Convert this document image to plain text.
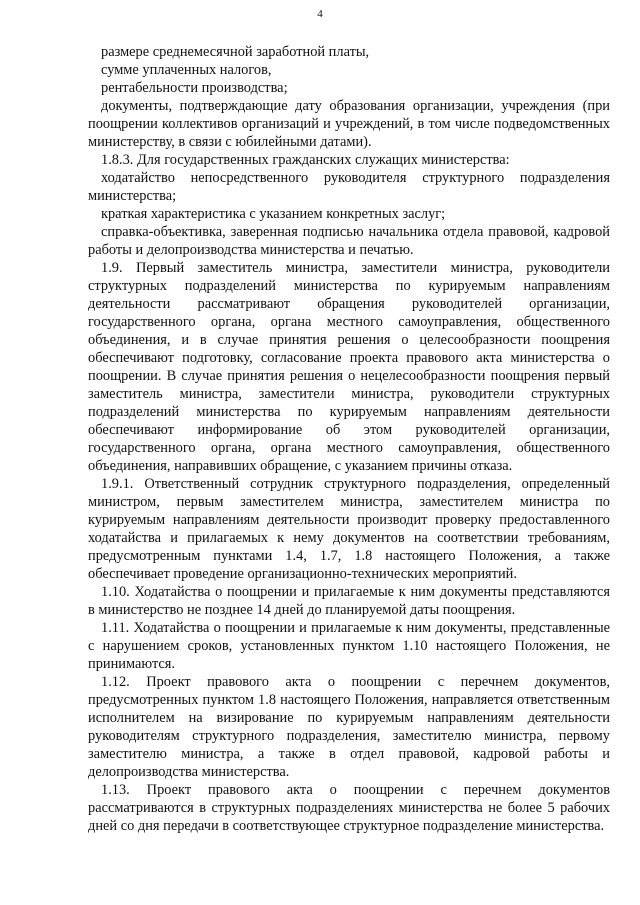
4

размере среднемесячной заработной платы,

сумме уплаченных налогов,

рентабельности производства;

документы, подтверждающие дату образования организации, учреждения (при поощрении коллективов организаций и учреждений, в том числе подведомственных министерству, в связи с юбилейными датами).

1.8.3. Для государственных гражданских служащих министерства:

ходатайство непосредственного руководителя структурного подразделения министерства;

краткая характеристика с указанием конкретных заслуг;

справка-объективка, заверенная подписью начальника отдела правовой, кадровой работы и делопроизводства министерства и печатью.

1.9. Первый заместитель министра, заместители министра, руководители структурных подразделений министерства по курируемым направлениям деятельности рассматривают обращения руководителей организации, государственного органа, органа местного самоуправления, общественного объединения, и в случае принятия решения о целесообразности поощрения обеспечивают подготовку, согласование проекта правового акта министерства о поощрении. В случае принятия решения о нецелесообразности поощрения первый заместитель министра, заместители министра, руководители структурных подразделений министерства по курируемым направлениям деятельности обеспечивают информирование об этом руководителей организации, государственного органа, органа местного самоуправления, общественного объединения, направивших обращение, с указанием причины отказа.

1.9.1. Ответственный сотрудник структурного подразделения, определенный министром, первым заместителем министра, заместителем министра по курируемым направлениям деятельности производит проверку предоставленного ходатайства и прилагаемых к нему документов на соответствии требованиям, предусмотренным пунктами 1.4, 1.7, 1.8 настоящего Положения, а также обеспечивает проведение организационно-технических мероприятий.

1.10. Ходатайства о поощрении и прилагаемые к ним документы представляются в министерство не позднее 14 дней до планируемой даты поощрения.

1.11. Ходатайства о поощрении и прилагаемые к ним документы, представленные с нарушением сроков, установленных пунктом 1.10 настоящего Положения, не принимаются.

1.12. Проект правового акта о поощрении с перечнем документов, предусмотренных пунктом 1.8 настоящего Положения, направляется ответственным исполнителем на визирование по курируемым направлениям деятельности руководителям структурного подразделения, заместителю министра, первому заместителю министра, а также в отдел правовой, кадровой работы и делопроизводства министерства.

1.13. Проект правового акта о поощрении с перечнем документов рассматриваются в структурных подразделениях министерства не более 5 рабочих дней со дня передачи в соответствующее структурное подразделение министерства.
